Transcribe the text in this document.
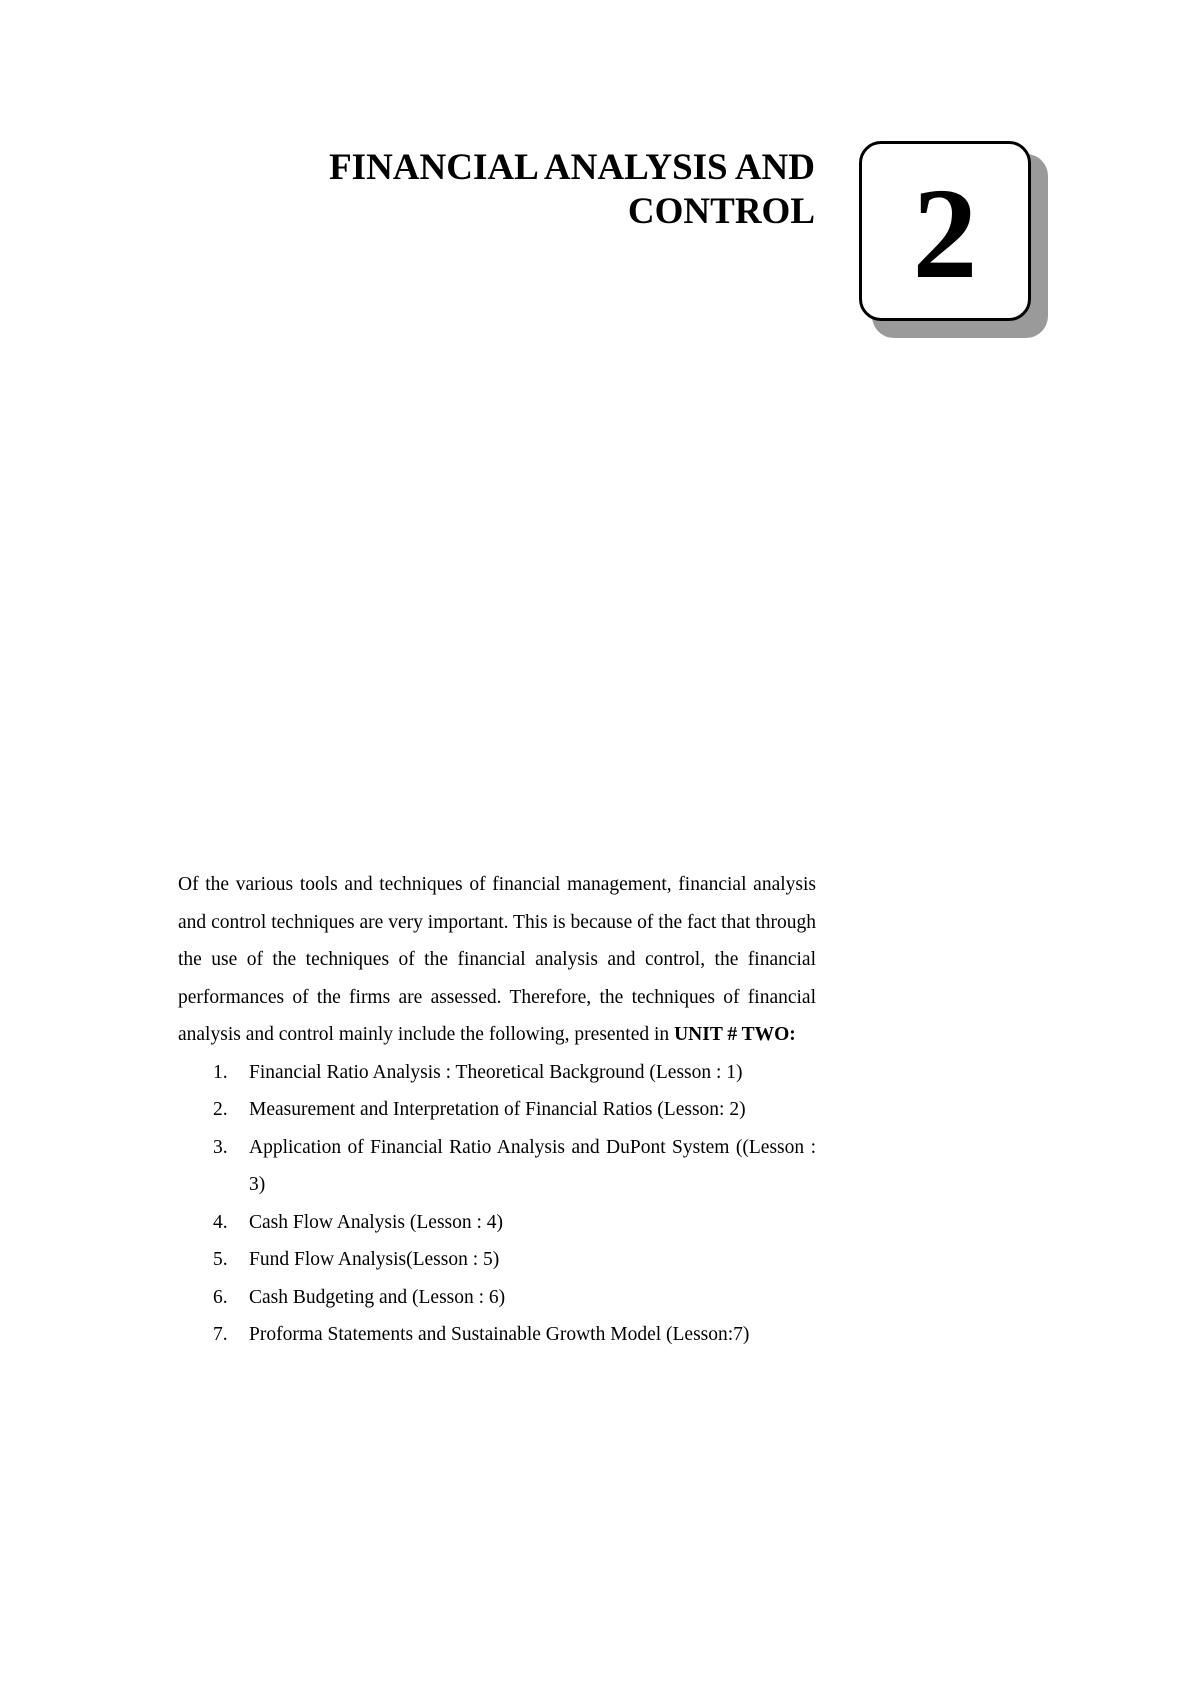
FINANCIAL ANALYSIS AND
CONTROL 2

Of the various tools and techniques of financial management, financial analysis and control techniques are very important. This is because of the fact that through the use of the techniques of the financial analysis and control, the financial performances of the firms are assessed. Therefore, the techniques of financial analysis and control mainly include the following, presented in UNIT # TWO:

1. Financial Ratio Analysis : Theoretical Background (Lesson : 1)
2. Measurement and Interpretation of Financial Ratios (Lesson: 2)
3. Application of Financial Ratio Analysis and DuPont System ((Lesson : 3)
4. Cash Flow Analysis (Lesson : 4)
5. Fund Flow Analysis(Lesson : 5)
6. Cash Budgeting and (Lesson : 6)
7. Proforma Statements and Sustainable Growth Model (Lesson:7)
